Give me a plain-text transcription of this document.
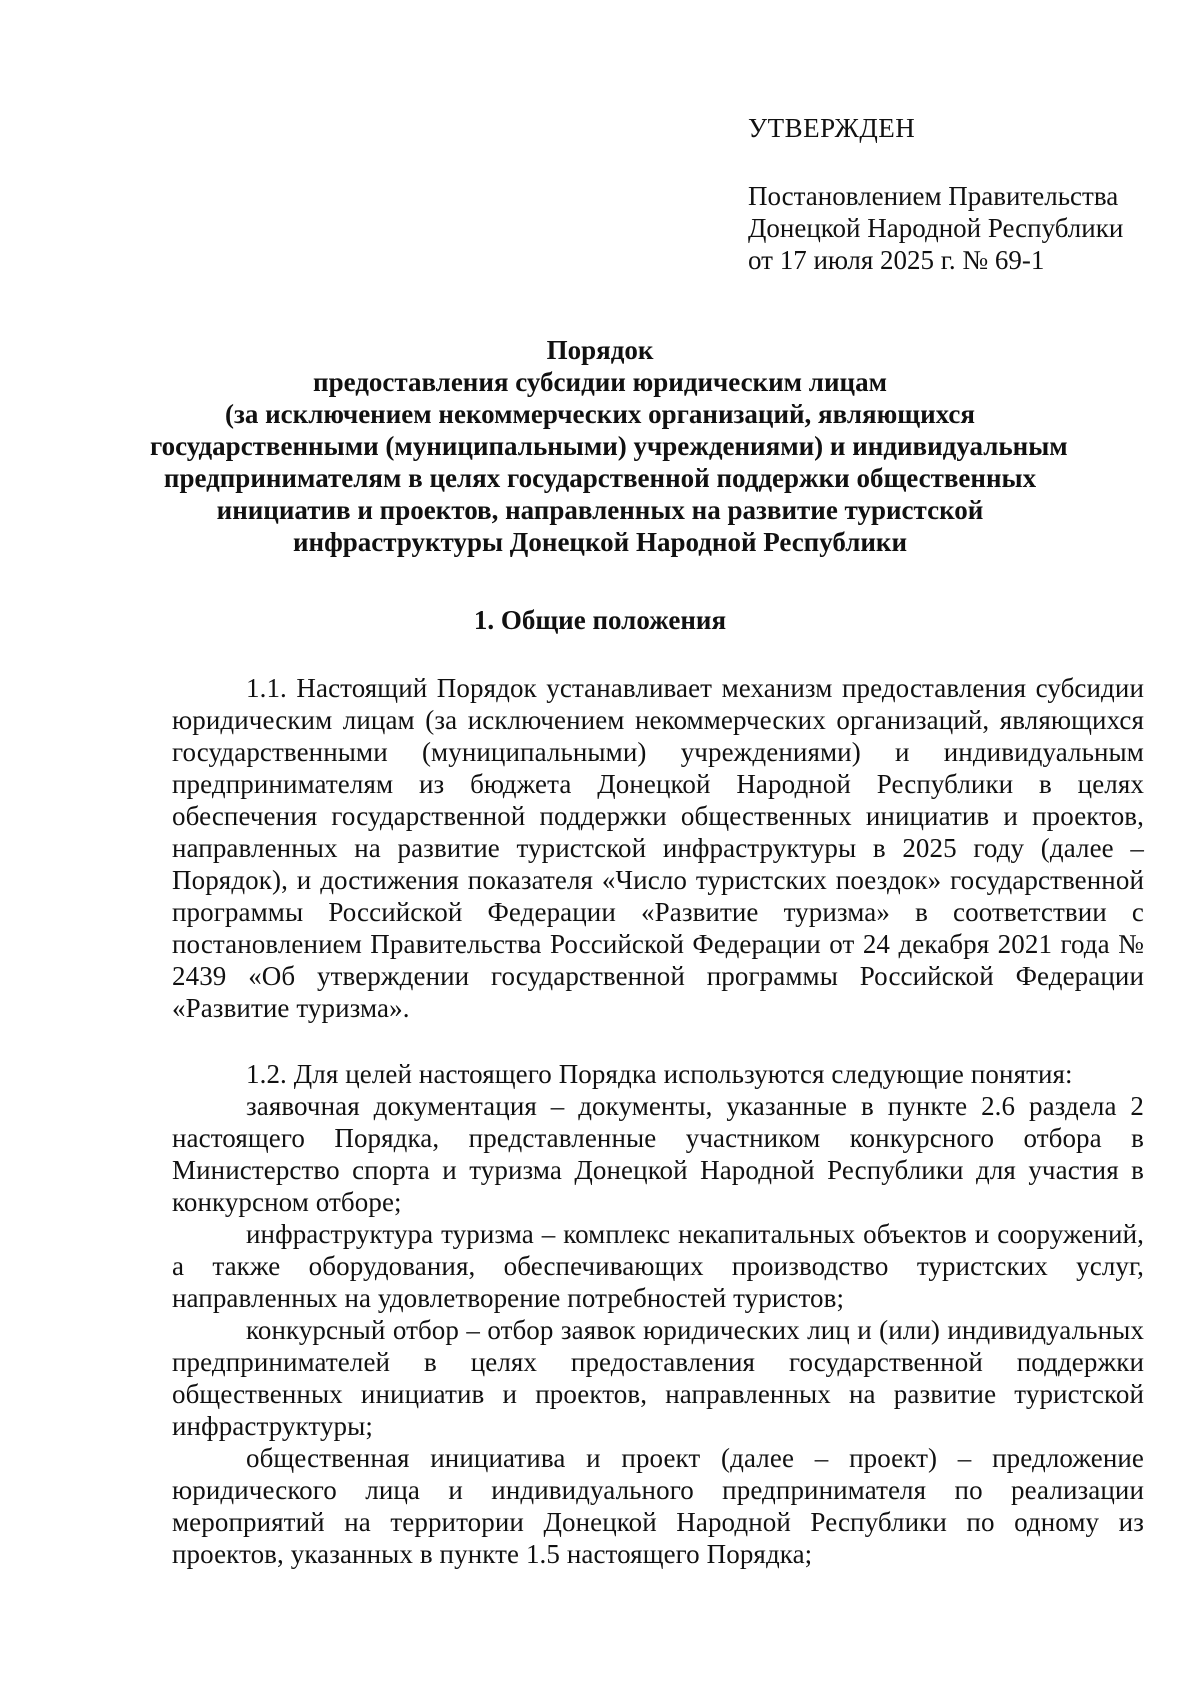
УТВЕРЖДЕН
Постановлением Правительства
Донецкой Народной Республики
от 17 июля 2025 г. № 69-1
Порядок
предоставления субсидии юридическим лицам
(за исключением некоммерческих организаций, являющихся
государственными (муниципальными) учреждениями) и индивидуальным
предпринимателям в целях государственной поддержки общественных
инициатив и проектов, направленных на развитие туристской
инфраструктуры Донецкой Народной Республики
1. Общие положения

1.1. Настоящий Порядок устанавливает механизм предоставления субсидии юридическим лицам (за исключением некоммерческих организаций, являющихся государственными (муниципальными) учреждениями) и индивидуальным предпринимателям из бюджета Донецкой Народной Республики в целях обеспечения государственной поддержки общественных инициатив и проектов, направленных на развитие туристской инфраструктуры в 2025 году (далее – Порядок), и достижения показателя «Число туристских поездок» государственной программы Российской Федерации «Развитие туризма» в соответствии с постановлением Правительства Российской Федерации от 24 декабря 2021 года № 2439 «Об утверждении государственной программы Российской Федерации «Развитие туризма».

1.2. Для целей настоящего Порядка используются следующие понятия:

заявочная документация – документы, указанные в пункте 2.6 раздела 2 настоящего Порядка, представленные участником конкурсного отбора в Министерство спорта и туризма Донецкой Народной Республики для участия в конкурсном отборе;

инфраструктура туризма – комплекс некапитальных объектов и сооружений, а также оборудования, обеспечивающих производство туристских услуг, направленных на удовлетворение потребностей туристов;

конкурсный отбор – отбор заявок юридических лиц и (или) индивидуальных предпринимателей в целях предоставления государственной поддержки общественных инициатив и проектов, направленных на развитие туристской инфраструктуры;

общественная инициатива и проект (далее – проект) – предложение юридического лица и индивидуального предпринимателя по реализации мероприятий на территории Донецкой Народной Республики по одному из проектов, указанных в пункте 1.5 настоящего Порядка;
